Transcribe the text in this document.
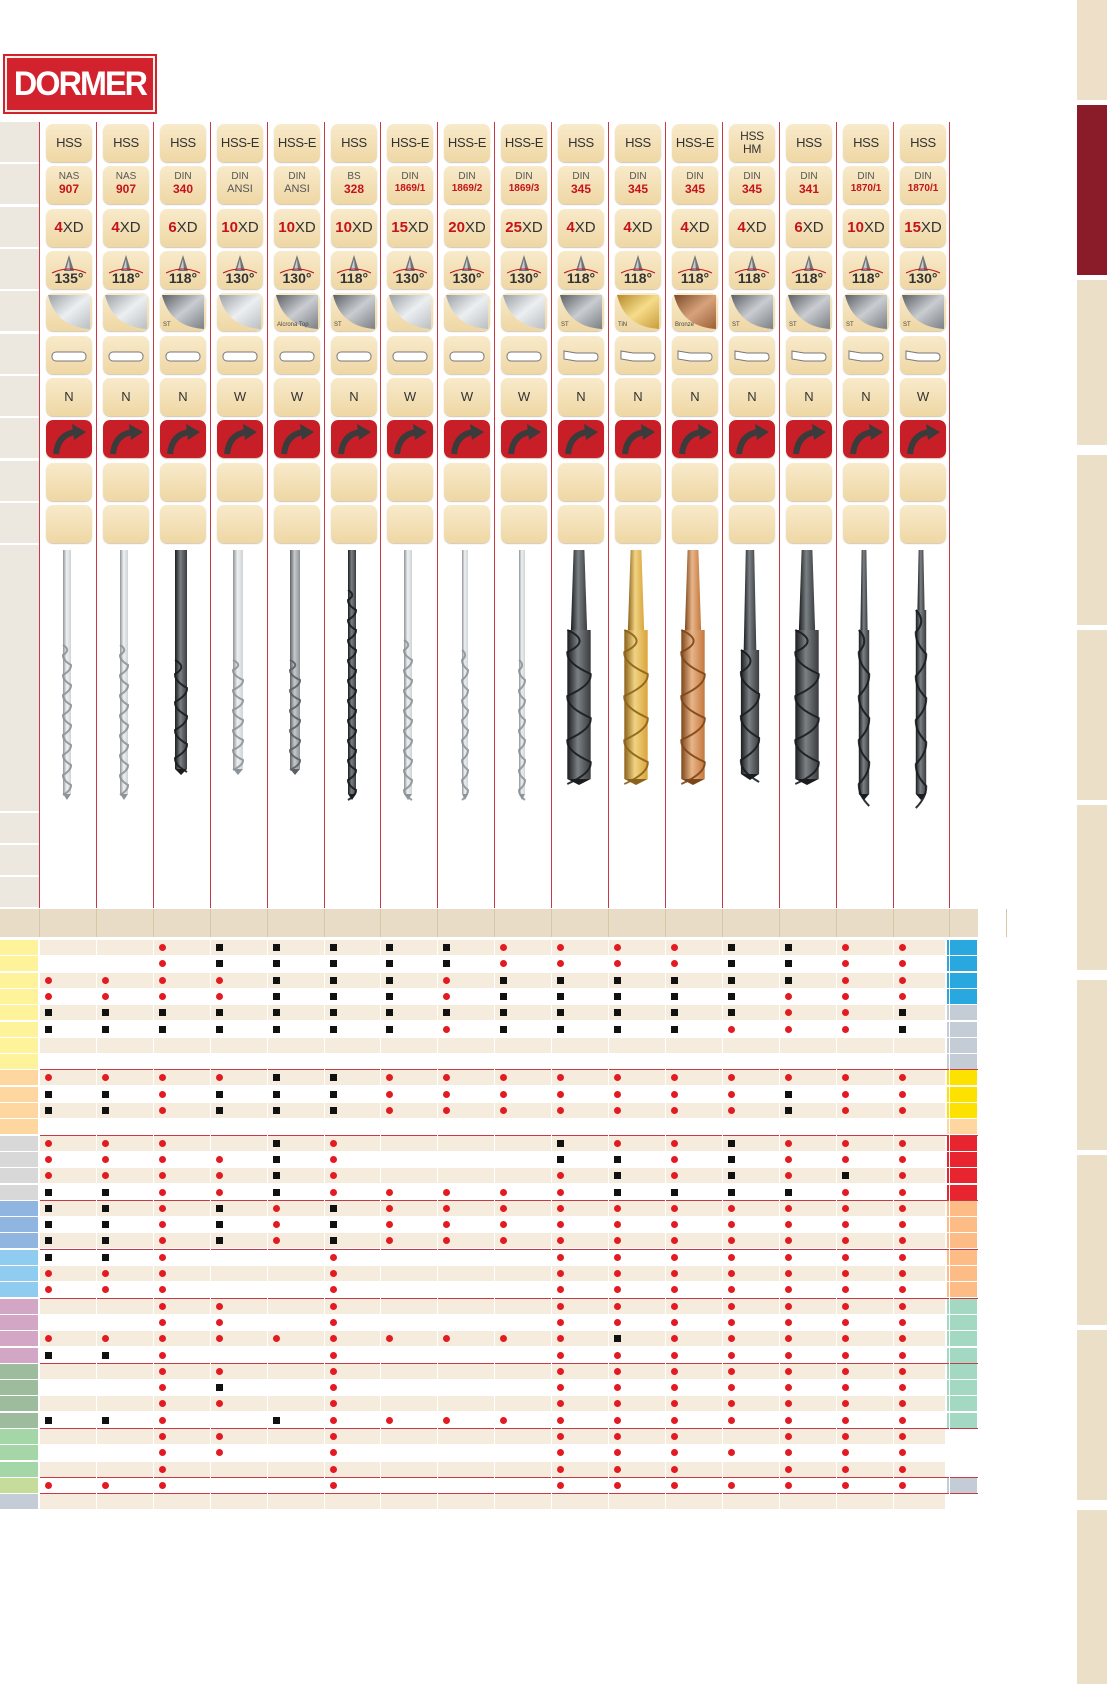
DORMER
HSS
NAS
907
4XD
135°
N
HSS
NAS
907
4XD
118°
N
HSS
DIN
340
6XD
118°
ST
N
HSS-E
DIN
ANSI
10XD
130°
W
HSS-E
DIN
ANSI
10XD
130°
Alcrona Top
W
HSS
BS
328
10XD
118°
ST
N
HSS-E
DIN
1869/1
15XD
130°
W
HSS-E
DIN
1869/2
20XD
130°
W
HSS-E
DIN
1869/3
25XD
130°
W
HSS
DIN
345
4XD
118°
ST
N
HSS
DIN
345
4XD
118°
TiN
N
HSS-E
DIN
345
4XD
118°
Bronze
N
HSS HM
DIN
345
4XD
118°
ST
N
HSS
DIN
341
6XD
118°
ST
N
HSS
DIN
1870/1
10XD
118°
ST
N
HSS
DIN
1870/1
15XD
130°
ST
W
